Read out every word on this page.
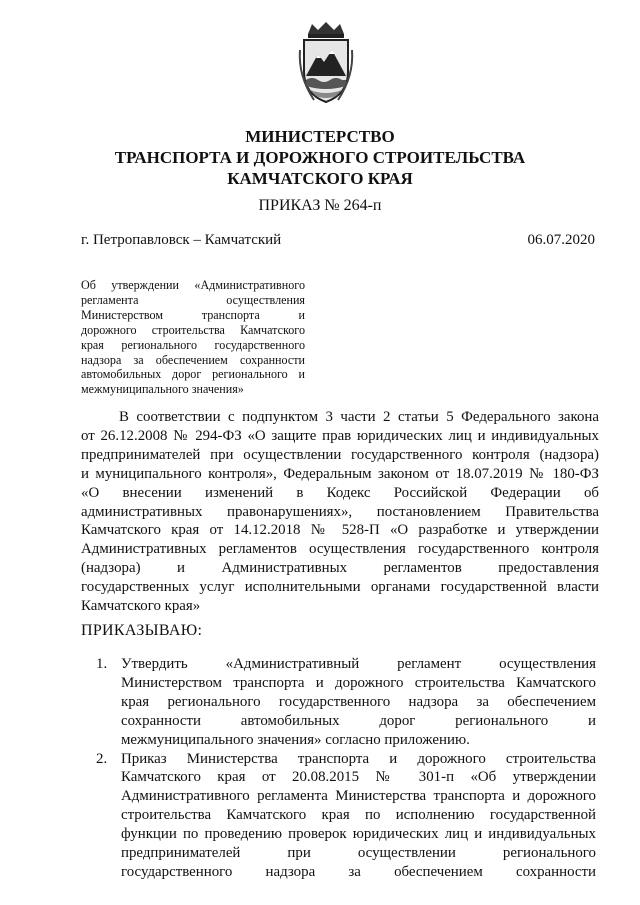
МИНИСТЕРСТВО
ТРАНСПОРТА И ДОРОЖНОГО СТРОИТЕЛЬСТВА
КАМЧАТСКОГО КРАЯ
ПРИКАЗ № 264-п
г. Петропавловск – Камчатский	06.07.2020
Об утверждении «Административного
регламента осуществления
Министерством транспорта и
дорожного строительства Камчатского
края регионального государственного
надзора за обеспечением сохранности
автомобильных дорог регионального и
межмуниципального значения»
В соответствии с подпунктом 3 части 2 статьи 5 Федерального закона
от 26.12.2008 № 294-ФЗ «О защите прав юридических лиц и индивидуальных
предпринимателей при осуществлении государственного контроля (надзора)
и муниципального контроля», Федеральным законом от 18.07.2019 № 180-ФЗ
«О внесении изменений в Кодекс Российской Федерации об
административных правонарушениях», постановлением Правительства
Камчатского края от 14.12.2018 № 528-П «О разработке и утверждении
Административных регламентов осуществления государственного контроля
(надзора) и Административных регламентов предоставления
государственных услуг исполнительными органами государственной власти
Камчатского края»
ПРИКАЗЫВАЮ:
1. Утвердить «Административный регламент осуществления
Министерством транспорта и дорожного строительства Камчатского
края регионального государственного надзора за обеспечением
сохранности автомобильных дорог регионального и
межмуниципального значения» согласно приложению.
2. Приказ Министерства транспорта и дорожного строительства
Камчатского края от 20.08.2015 № 301-п «Об утверждении
Административного регламента Министерства транспорта и дорожного
строительства Камчатского края по исполнению государственной
функции по проведению проверок юридических лиц и индивидуальных
предпринимателей при осуществлении регионального
государственного надзора за обеспечением сохранности
